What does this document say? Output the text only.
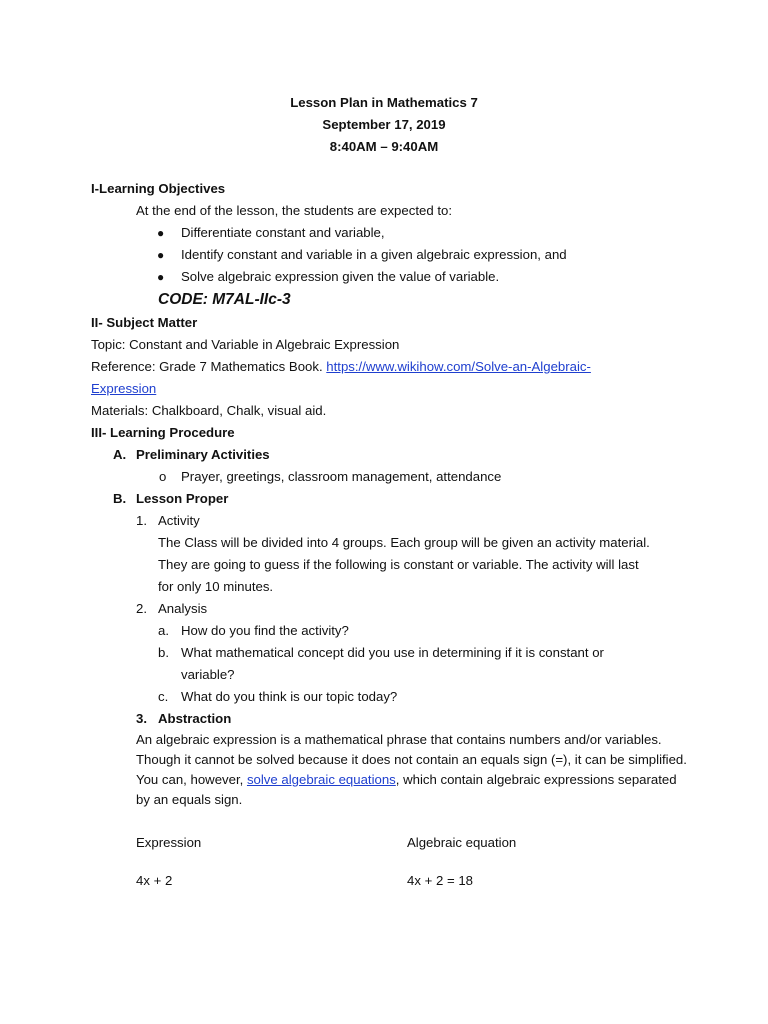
Lesson Plan in Mathematics 7
September 17, 2019
8:40AM – 9:40AM
I-Learning Objectives
At the end of the lesson, the students are expected to:
● Differentiate constant and variable,
● Identify constant and variable in a given algebraic expression, and
● Solve algebraic expression given the value of variable.
CODE: M7AL-IIc-3
II- Subject Matter
Topic: Constant and Variable in Algebraic Expression
Reference: Grade 7 Mathematics Book. https://www.wikihow.com/Solve-an-Algebraic-
Expression
Materials: Chalkboard, Chalk, visual aid.
III- Learning Procedure
A. Preliminary Activities
o Prayer, greetings, classroom management, attendance
B. Lesson Proper
1. Activity
The Class will be divided into 4 groups. Each group will be given an activity material.
They are going to guess if the following is constant or variable. The activity will last
for only 10 minutes.
2. Analysis
a. How do you find the activity?
b. What mathematical concept did you use in determining if it is constant or
variable?
c. What do you think is our topic today?
3. Abstraction
An algebraic expression is a mathematical phrase that contains numbers and/or variables. Though it cannot be solved because it does not contain an equals sign (=), it can be simplified. You can, however, solve algebraic equations, which contain algebraic expressions separated by an equals sign.
Expression	Algebraic equation
4x + 2	4x + 2 = 18
